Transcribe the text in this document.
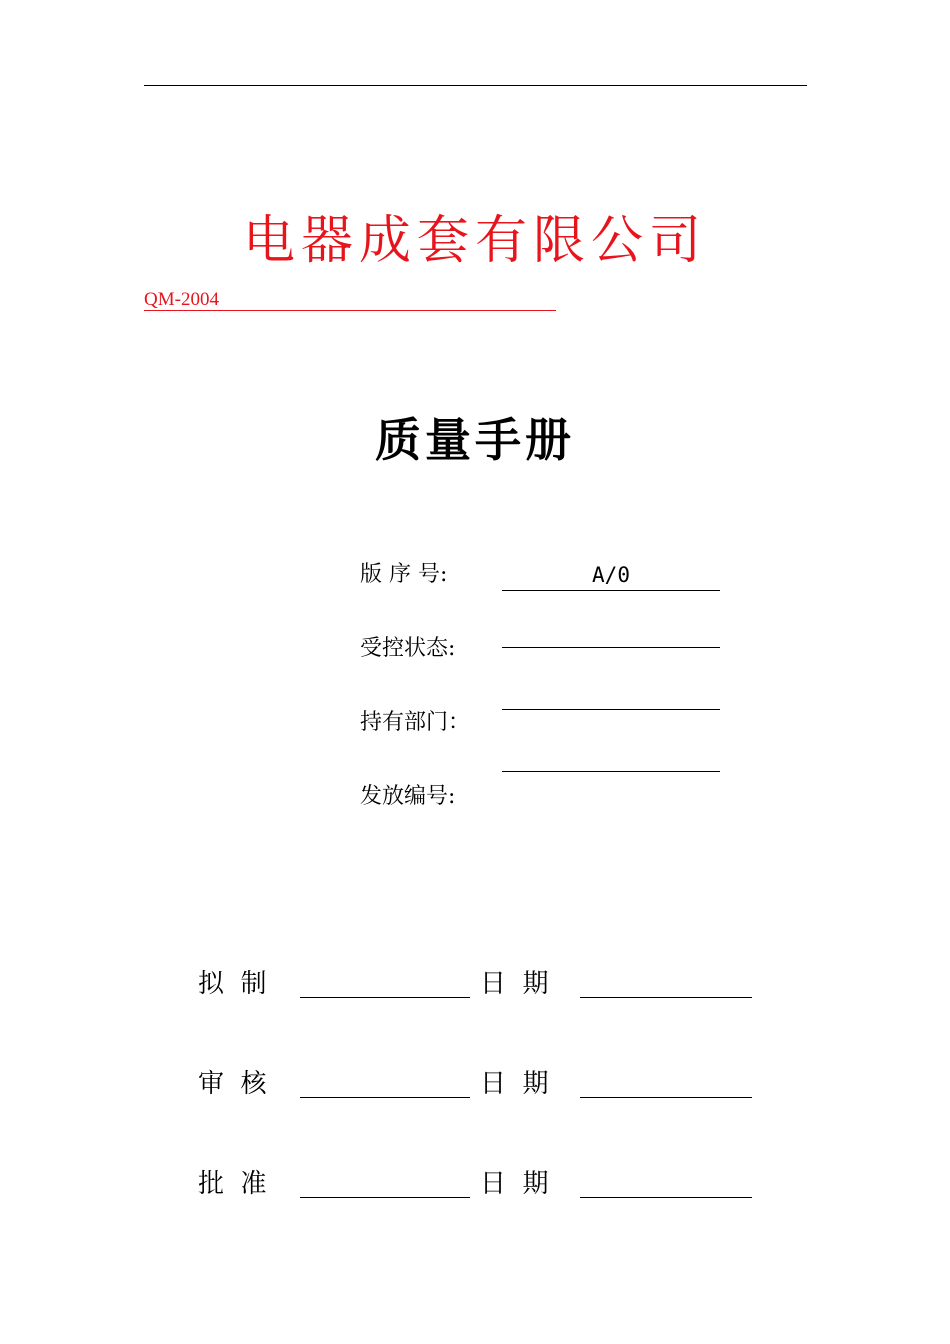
电器成套有限公司
QM-2004
质量手册
版 序 号:	A/0
受控状态:
持有部门：
发放编号:
拟  制	日  期
审  核	日  期
批  准	日  期
